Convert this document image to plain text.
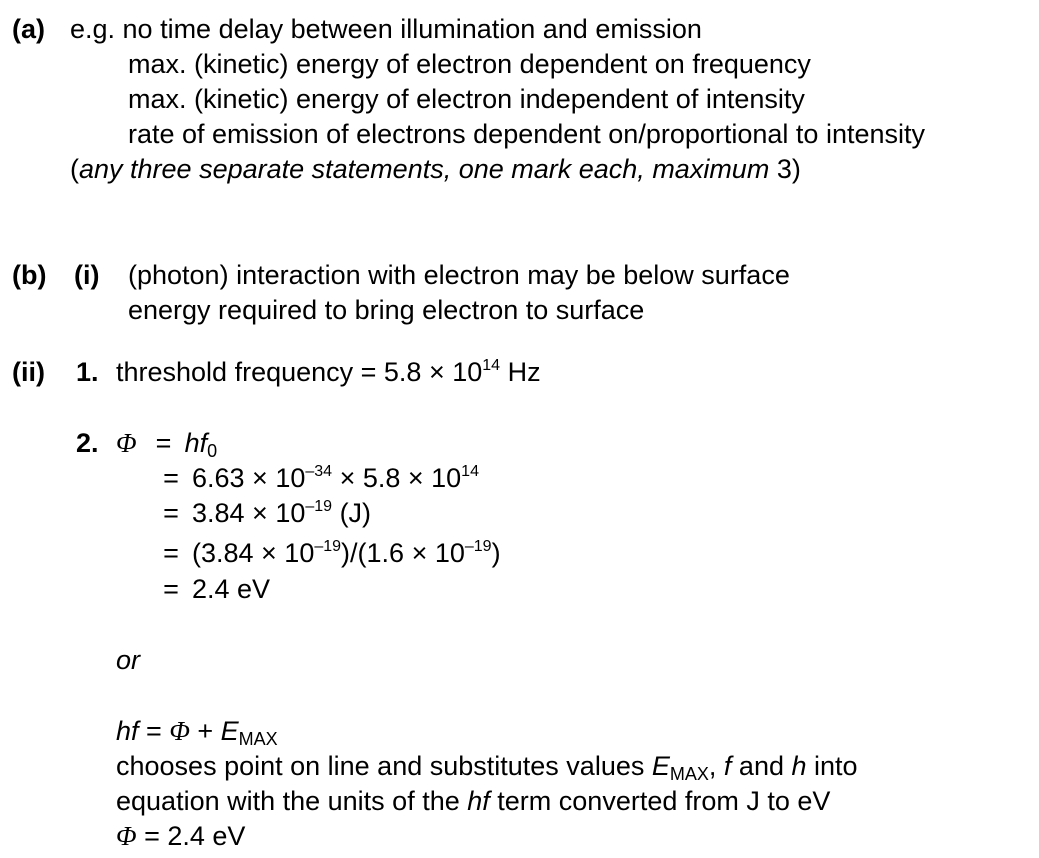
(a) e.g. no time delay between illumination and emission
max. (kinetic) energy of electron dependent on frequency
max. (kinetic) energy of electron independent of intensity
rate of emission of electrons dependent on/proportional to intensity
(any three separate statements, one mark each, maximum 3)
(b) (i) (photon) interaction with electron may be below surface
energy required to bring electron to surface
(ii) 1. threshold frequency = $5.8 \times 10^{14}$ Hz
2. $\Phi = hf_0$
= $6.63 \times 10^{-34} \times 5.8 \times 10^{14}$
= $3.84 \times 10^{-19}$ (J)
= $(3.84 \times 10^{-19})/(1.6 \times 10^{-19})$
= 2.4 eV
or
hf = $\Phi + E_{MAX}$
chooses point on line and substitutes values $E_{MAX}$, f and h into
equation with the units of the hf term converted from J to eV
Φ = 2.4 eV
